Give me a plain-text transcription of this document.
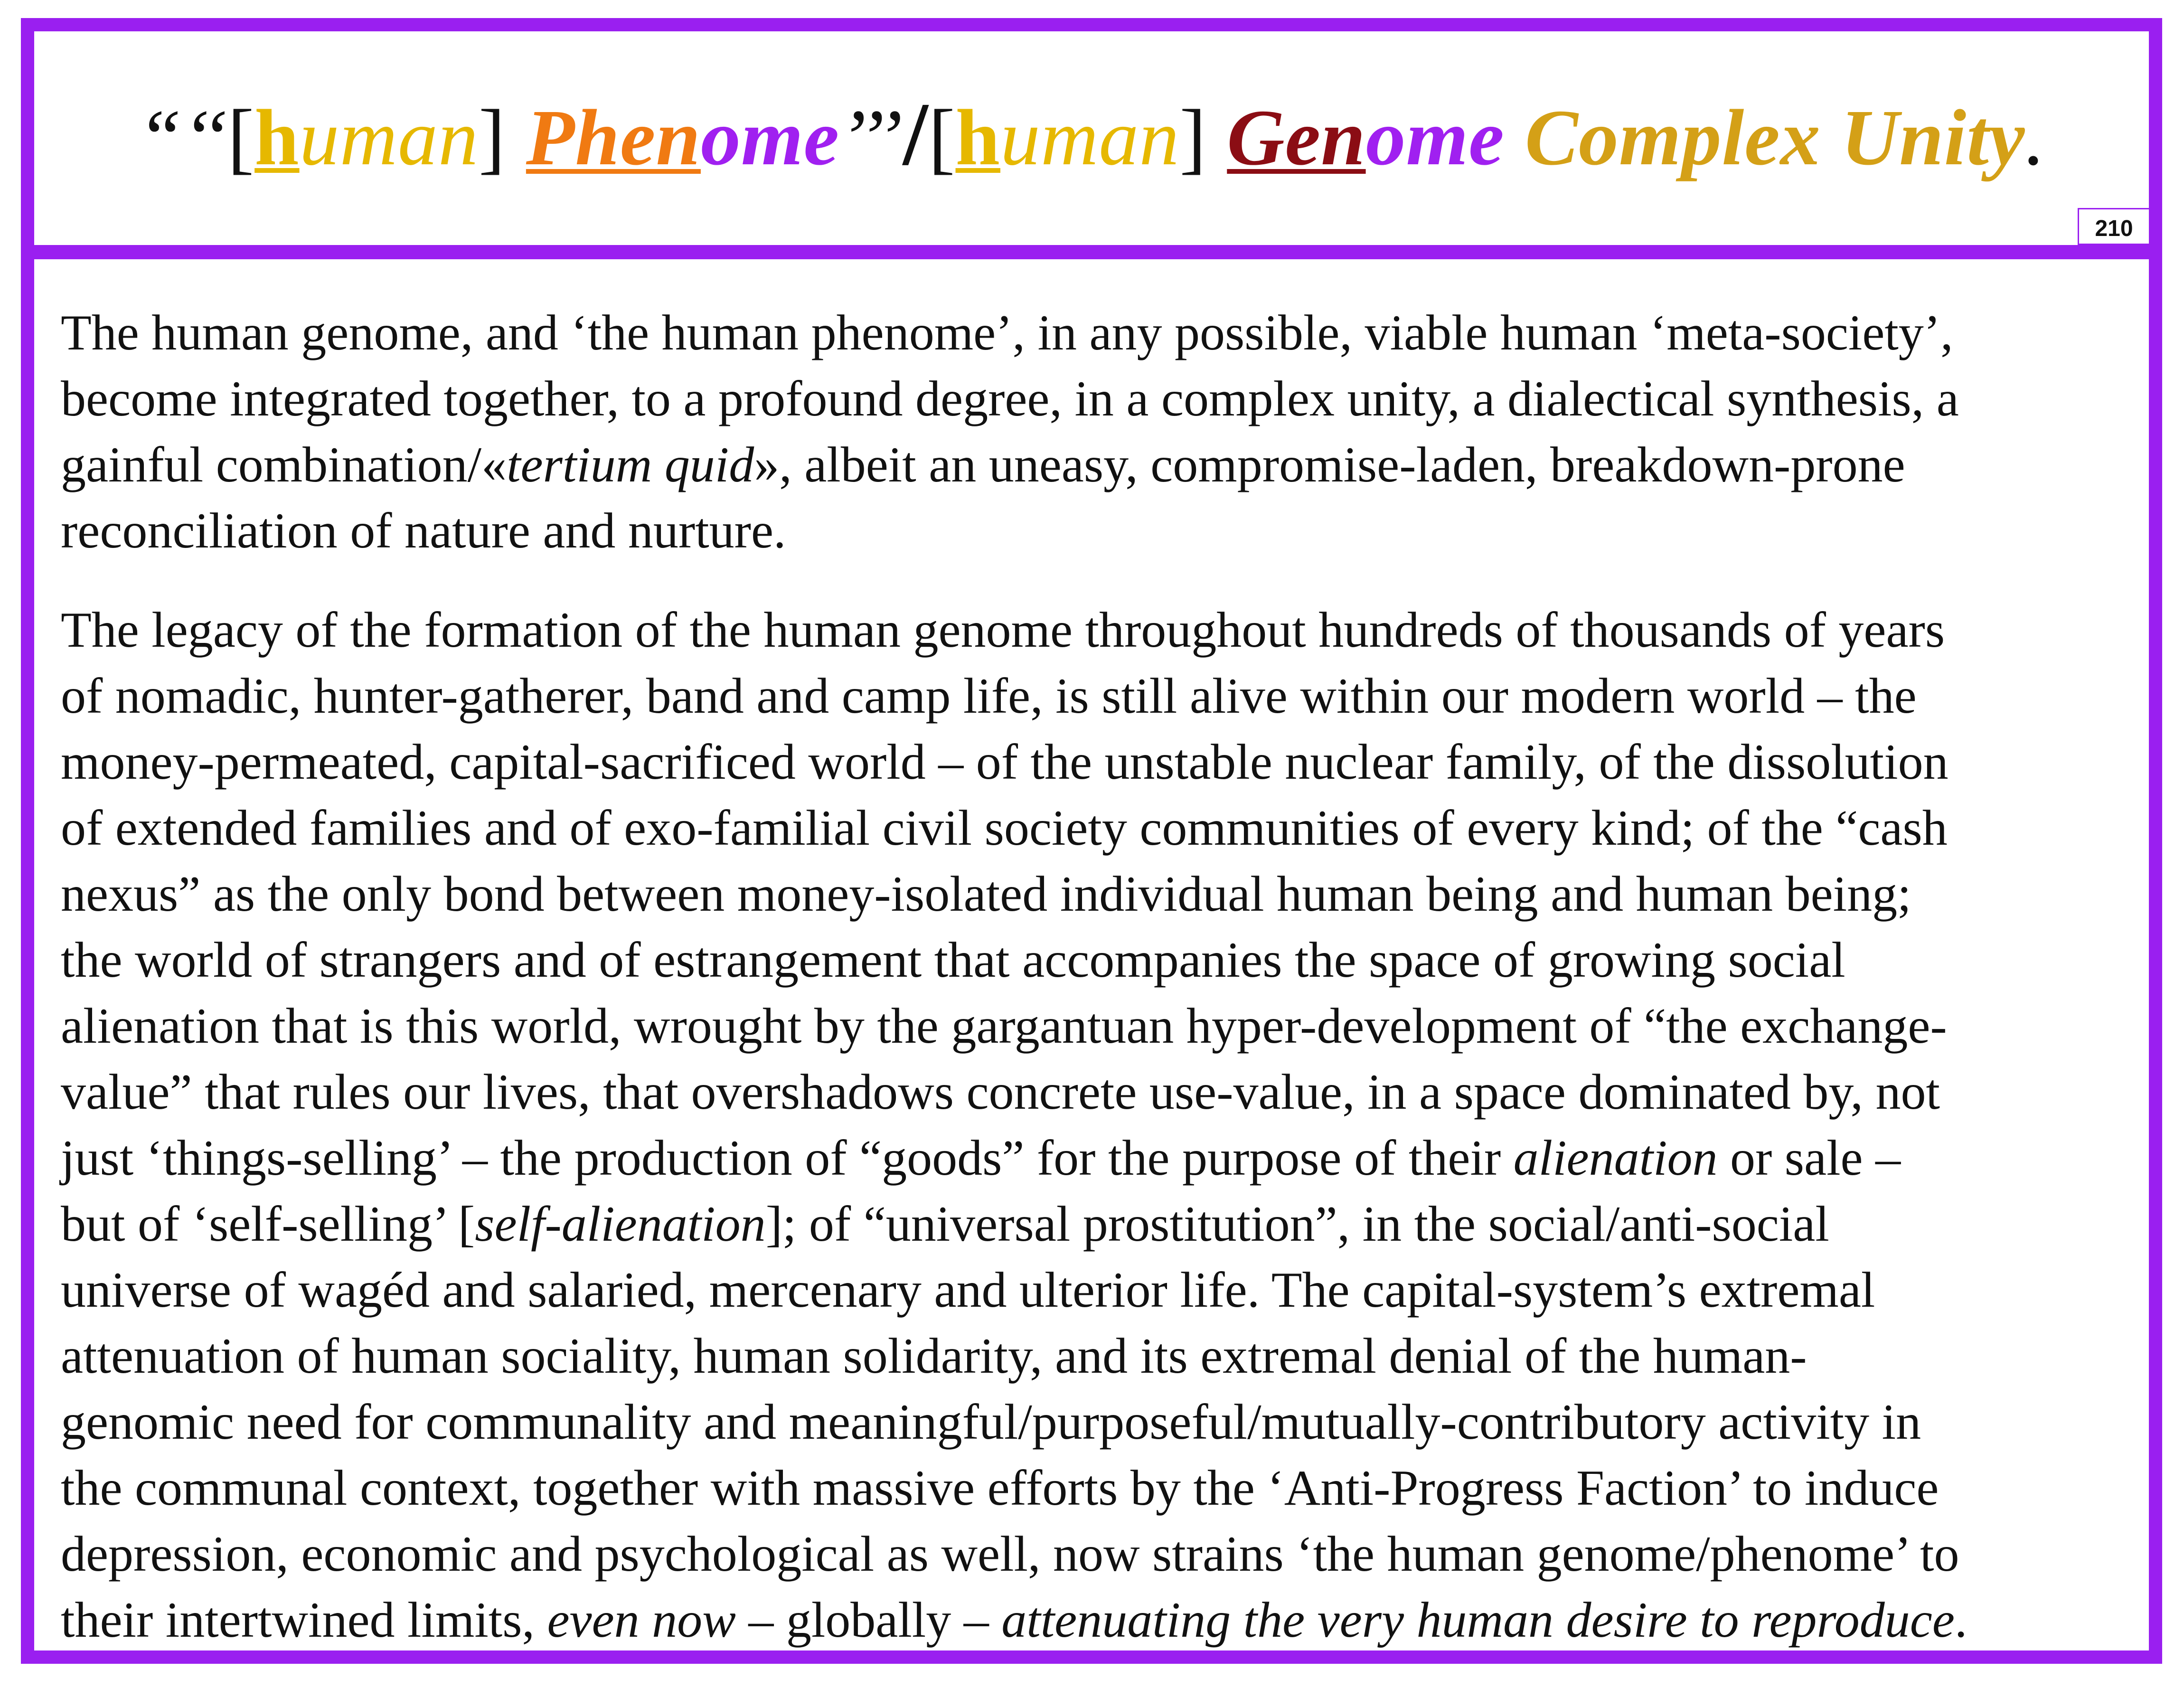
“‘‘[human] Phenome’’’/[human] Genome Complex Unity.
210
The human genome, and ‘the human phenome’, in any possible, viable human ‘meta-society’,
become integrated together, to a profound degree, in a complex unity, a dialectical synthesis, a
gainful combination/«tertium quid», albeit an uneasy, compromise-laden, breakdown-prone
reconciliation of nature and nurture.
The legacy of the formation of the human genome throughout hundreds of thousands of years
of nomadic, hunter-gatherer, band and camp life, is still alive within our modern world – the
money-permeated, capital-sacrificed world – of the unstable nuclear family, of the dissolution
of extended families and of exo-familial civil society communities of every kind; of the “cash
nexus” as the only bond between money-isolated individual human being and human being;
the world of strangers and of estrangement that accompanies the space of growing social
alienation that is this world, wrought by the gargantuan hyper-development of “the exchange-
value” that rules our lives, that overshadows concrete use-value, in a space dominated by, not
just ‘things-selling’ – the production of “goods” for the purpose of their alienation or sale –
but of ‘self-selling’ [self-alienation]; of “universal prostitution”, in the social/anti-social
universe of wagéd and salaried, mercenary and ulterior life. The capital-system’s extremal
attenuation of human sociality, human solidarity, and its extremal denial of the human-
genomic need for communality and meaningful/purposeful/mutually-contributory activity in
the communal context, together with massive efforts by the ‘Anti-Progress Faction’ to induce
depression, economic and psychological as well, now strains ‘the human genome/phenome’ to
their intertwined limits, even now – globally – attenuating the very human desire to reproduce.
